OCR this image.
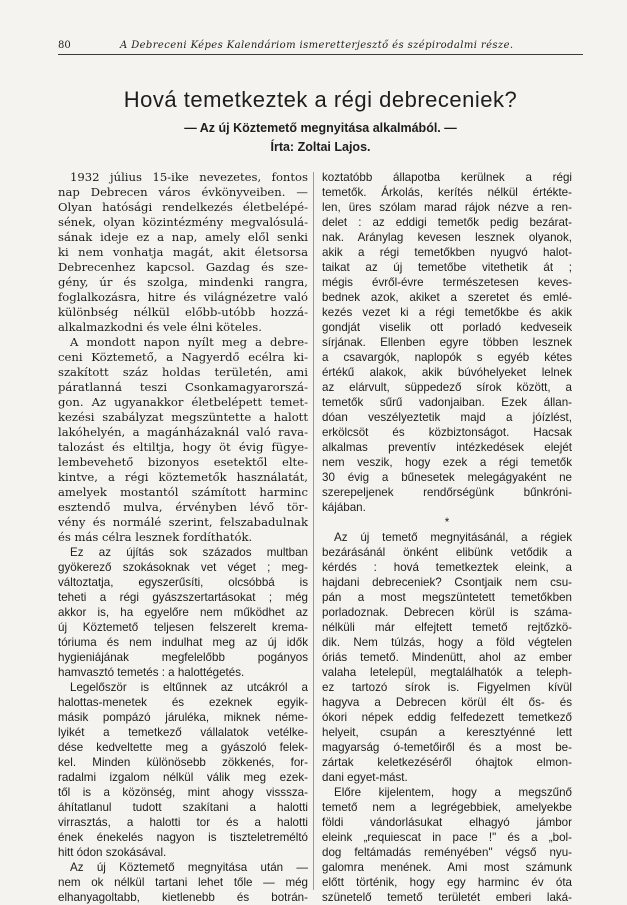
80	A Debreceni Képes Kalendáriom ismeretterjesztő és szépirodalmi része.
Hová temetkeztek a régi debreceniek?
— Az új Köztemető megnyitása alkalmából. —
Írta: Zoltai Lajos.
1932 július 15-ike nevezetes, fontos
nap Debrecen város évkönyveiben. —
Olyan hatósági rendelkezés életbelépé-
sének, olyan közintézmény megvalósulá-
sának ideje ez a nap, amely elől senki
ki nem vonhatja magát, akit életsorsa
Debrecenhez kapcsol. Gazdag és sze-
gény, úr és szolga, mindenki rangra,
foglalkozásra, hitre és világnézetre való
különbség nélkül előbb-utóbb hozzá-
alkalmazkodni és vele élni köteles.
A mondott napon nyílt meg a debre-
ceni Köztemető, a Nagyerdő ecélra ki-
szakított száz holdas területén, ami
páratlanná teszi Csonkamagyarorszá-
gon. Az ugyanakkor életbelépett temet-
kezési szabályzat megszüntette a halott
lakóhelyén, a magánházaknál való rava-
talozást és eltiltja, hogy öt évig fügye-
lembevehető bizonyos esetektől elte-
kintve, a régi köztemetők használatát,
amelyek mostantól számított harminc
esztendő mulva, érvényben lévő tör-
vény és normálé szerint, felszabadulnak
és más célra lesznek fordíthatók.
Ez az újítás sok százados multban
gyökerező szokásoknak vet véget ; meg-
változtatja, egyszerűsíti, olcsóbbá is
teheti a régi gyászszertartásokat ; még
akkor is, ha egyelőre nem működhet az
új Köztemető teljesen felszerelt krema-
tóriuma és nem indulhat meg az új idők
hygieniájának megfelelőbb pogányos
hamvasztó temetés : a halottégetés.
Legelőször is eltűnnek az utcákról a
halottas-menetek és ezeknek egyik-
másik pompázó járuléka, miknek néme-
lyikét a temetkező vállalatok vetélke-
dése kedveltette meg a gyászoló felek-
kel. Minden különösebb zökkenés, for-
radalmi izgalom nélkül válik meg ezek-
től is a közönség, mint ahogy visssza-
áhítatlanul tudott szakítani a halotti
virrasztás, a halotti tor és a halotti
ének énekelés nagyon is tiszteletreméltó
hitt ódon szokásával.
Az új Köztemető megnyitása után —
nem ok nélkül tartani lehet tőle — még
elhanyagoltabb, kietlenebb és botrán-
koztatóbb állapotba kerülnek a régi
temetők. Árkolás, kerítés nélkül értékte-
len, üres szólam marad rájok nézve a ren-
delet : az eddigi temetők pedig bezárat-
nak. Aránylag kevesen lesznek olyanok,
akik a régi temetőkben nyugvó halot-
taikat az új temetőbe vitethetik át ;
mégis évről-évre természetesen keves-
bednek azok, akiket a szeretet és emlé-
kezés vezet ki a régi temetőkbe és akik
gondját viselik ott porladó kedveseik
sírjának. Ellenben egyre többen lesznek
a csavargók, naplopók s egyéb kétes
értékű alakok, akik búvóhelyeket lelnek
az elárvult, süppedező sírok között, a
temetők sűrű vadonjaiban. Ezek állan-
dóan veszélyeztetik majd a jóízlést,
erkölcsöt és közbiztonságot. Hacsak
alkalmas preventív intézkedések elejét
nem veszik, hogy ezek a régi temetők
30 évig a bűnesetek melegágyaként ne
szerepeljenek rendőrségünk bűnkróni-
kájában.
*
Az új temető megnyitásánál, a régiek
bezárásánál önként elibünk vetődik a
kérdés : hová temetkeztek eleink, a
hajdani debreceniek? Csontjaik nem csu-
pán a most megszüntetett temetőkben
porladoznak. Debrecen körül is száma-
nélküli már elfejtett temető rejtőzkö-
dik. Nem túlzás, hogy a föld végtelen
óriás temető. Mindenütt, ahol az ember
valaha letelepül, megtalálhatók a teleph-
ez tartozó sírok is. Figyelmen kívül
hagyva a Debrecen körül élt ős- és
ókori népek eddig felfedezett temetkező
helyeit, csupán a keresztyénné lett
magyarság ó-temetőiről és a most be-
zártak keletkezéséről óhajtok elmon-
dani egyet-mást.
Előre kijelentem, hogy a megszűnő
temető nem a legrégebbiek, amelyekbe
földi vándorlásukat elhagyó jámbor
eleink „requiescat in pace !" és a „bol-
dog feltámadás reményében" végső nyu-
galomra menének. Ami most számunk
előtt történik, hogy egy harminc év óta
szünetelő temető területét emberi laká-
